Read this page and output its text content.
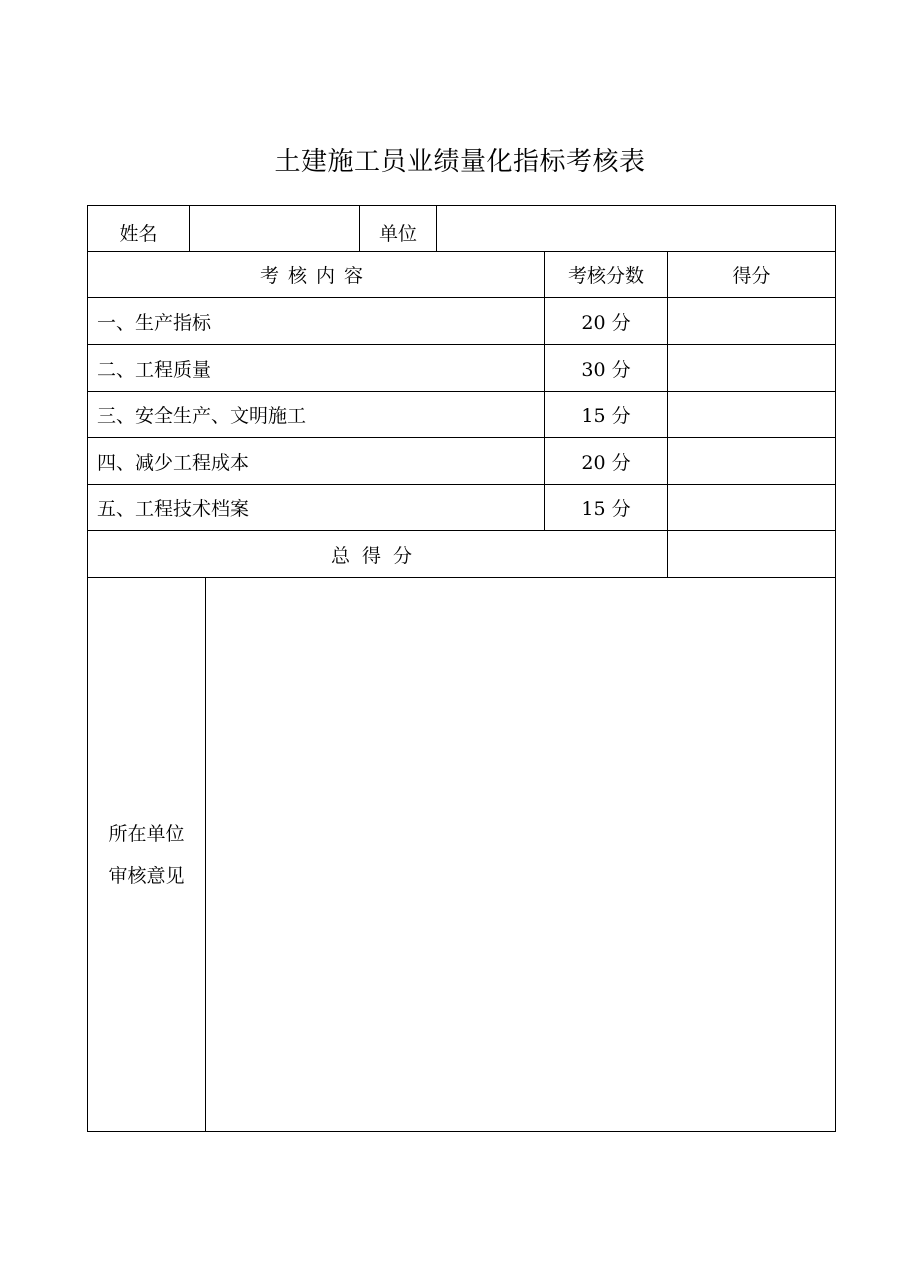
土建施工员业绩量化指标考核表
姓名	单位
考核内容	考核分数	得分
一、生产指标	20 分
二、工程质量	30 分
三、安全生产、文明施工	15 分
四、减少工程成本	20 分
五、工程技术档案	15 分
总得分
所在单位
审核意见
